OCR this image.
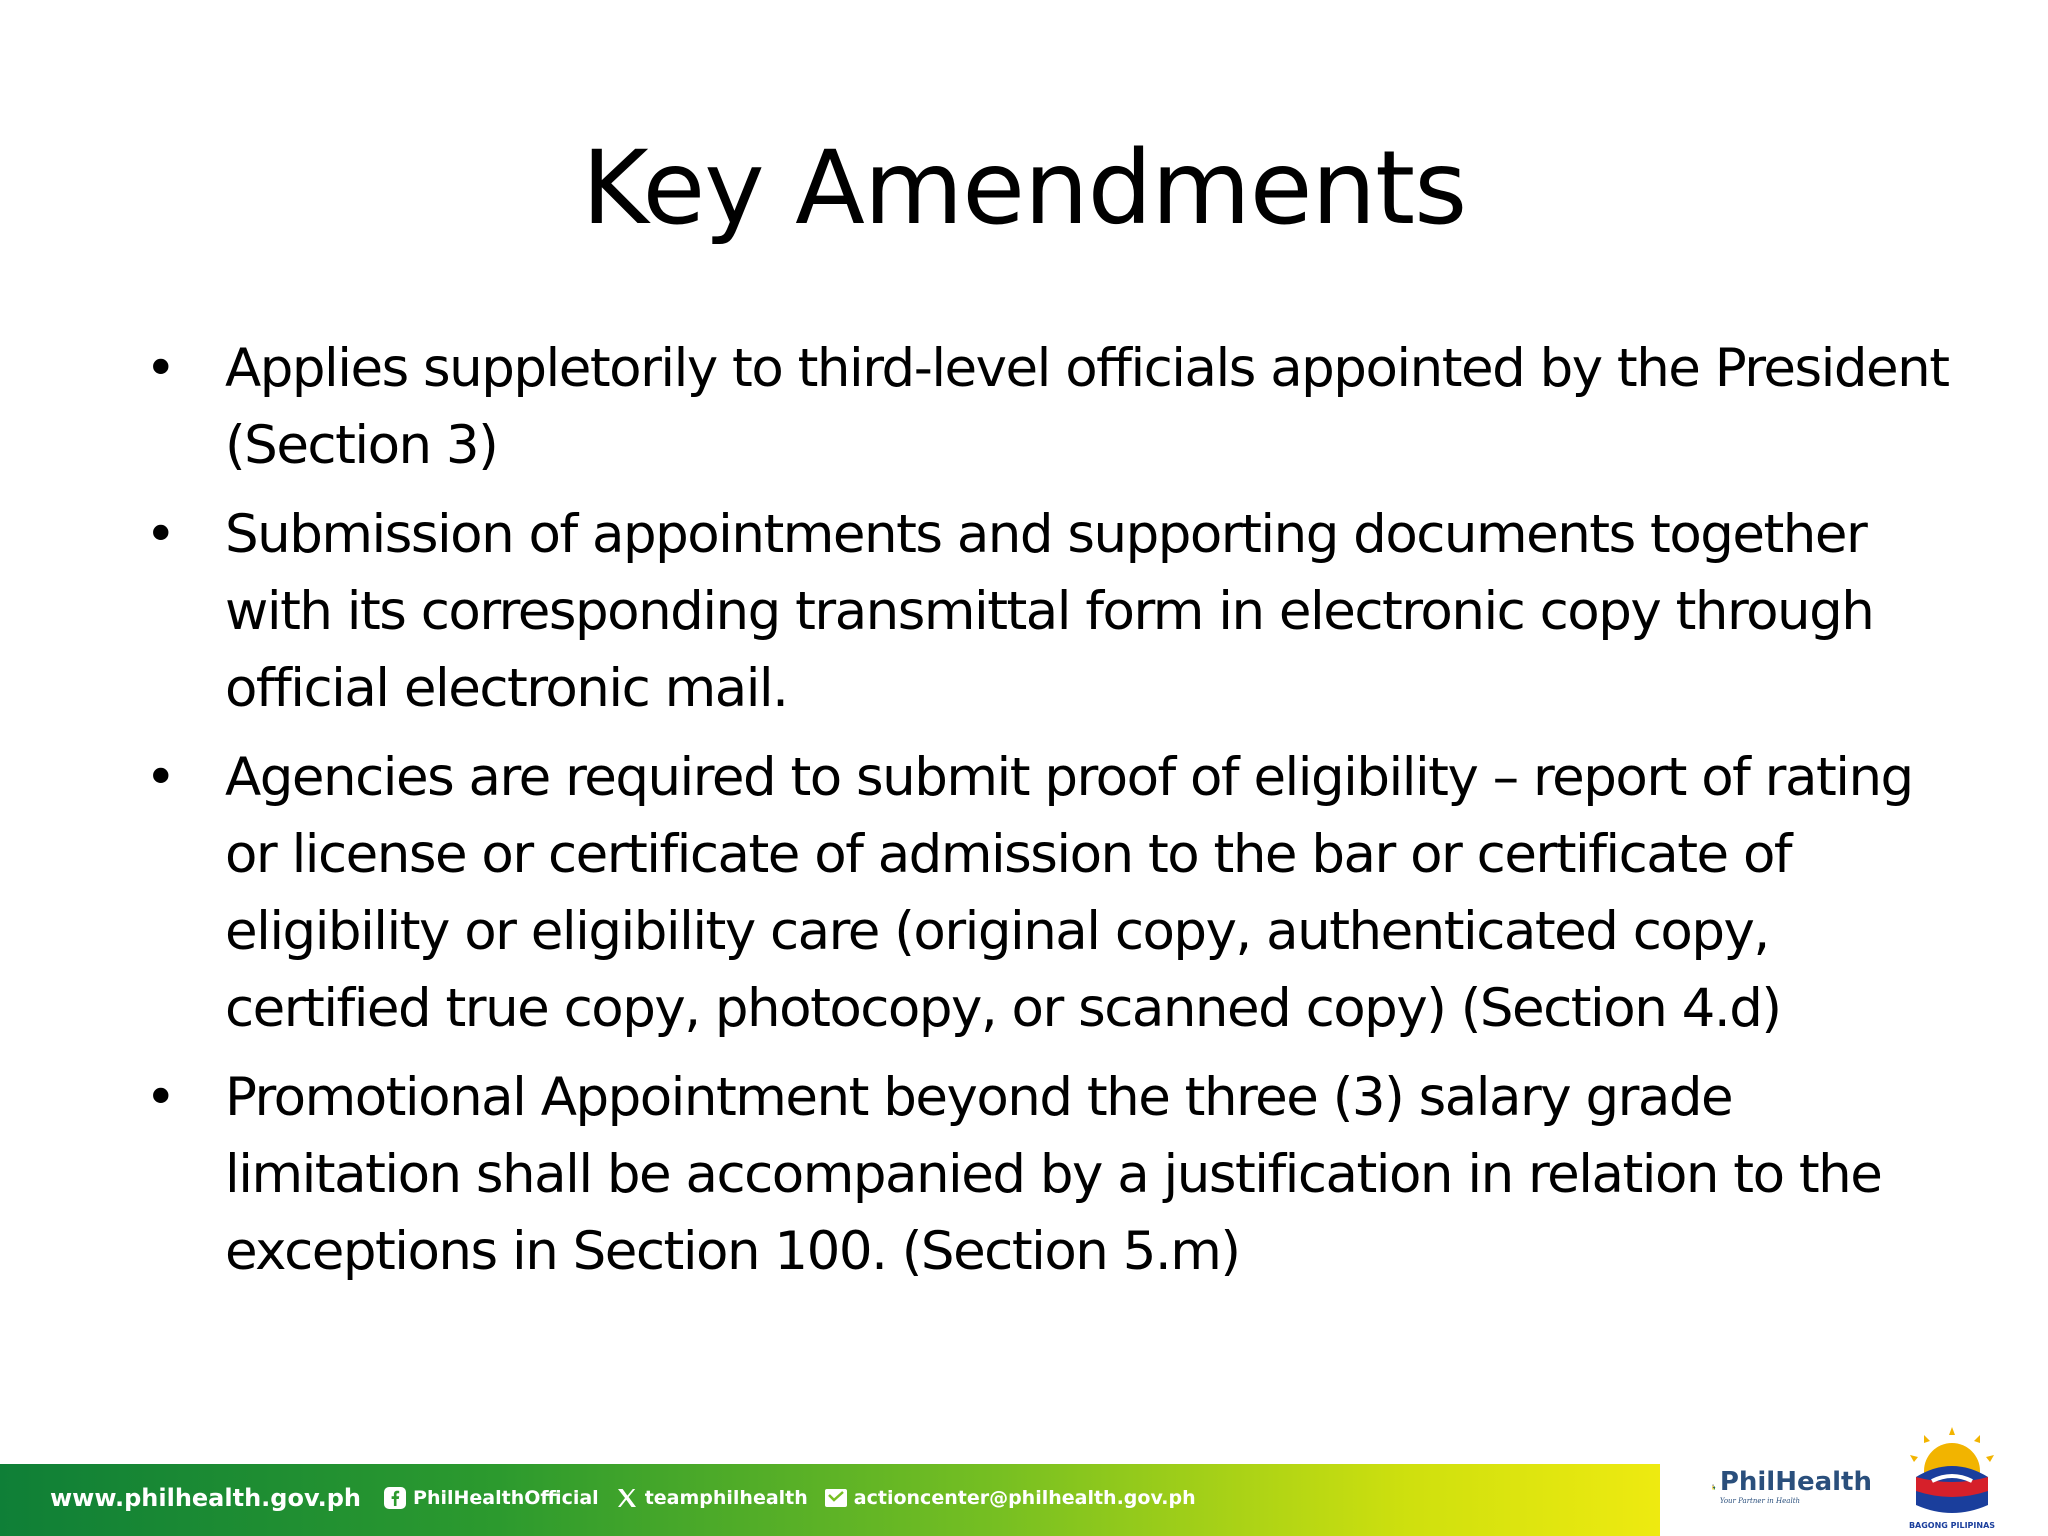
Key Amendments
• Applies suppletorily to third-level officials appointed by the President (Section 3)
• Submission of appointments and supporting documents together with its corresponding transmittal form in electronic copy through official electronic mail.
• Agencies are required to submit proof of eligibility – report of rating or license or certificate of admission to the bar or certificate of eligibility or eligibility care (original copy, authenticated copy, certified true copy, photocopy, or scanned copy) (Section 4.d)
• Promotional Appointment beyond the three (3) salary grade limitation shall be accompanied by a justification in relation to the exceptions in Section 100. (Section 5.m)
www.philhealth.gov.ph	PhilHealthOfficial teamphilhealth actioncenter@philhealth.gov.ph
PhilHealth
Your Partner in Health
BAGONG PILIPINAS
